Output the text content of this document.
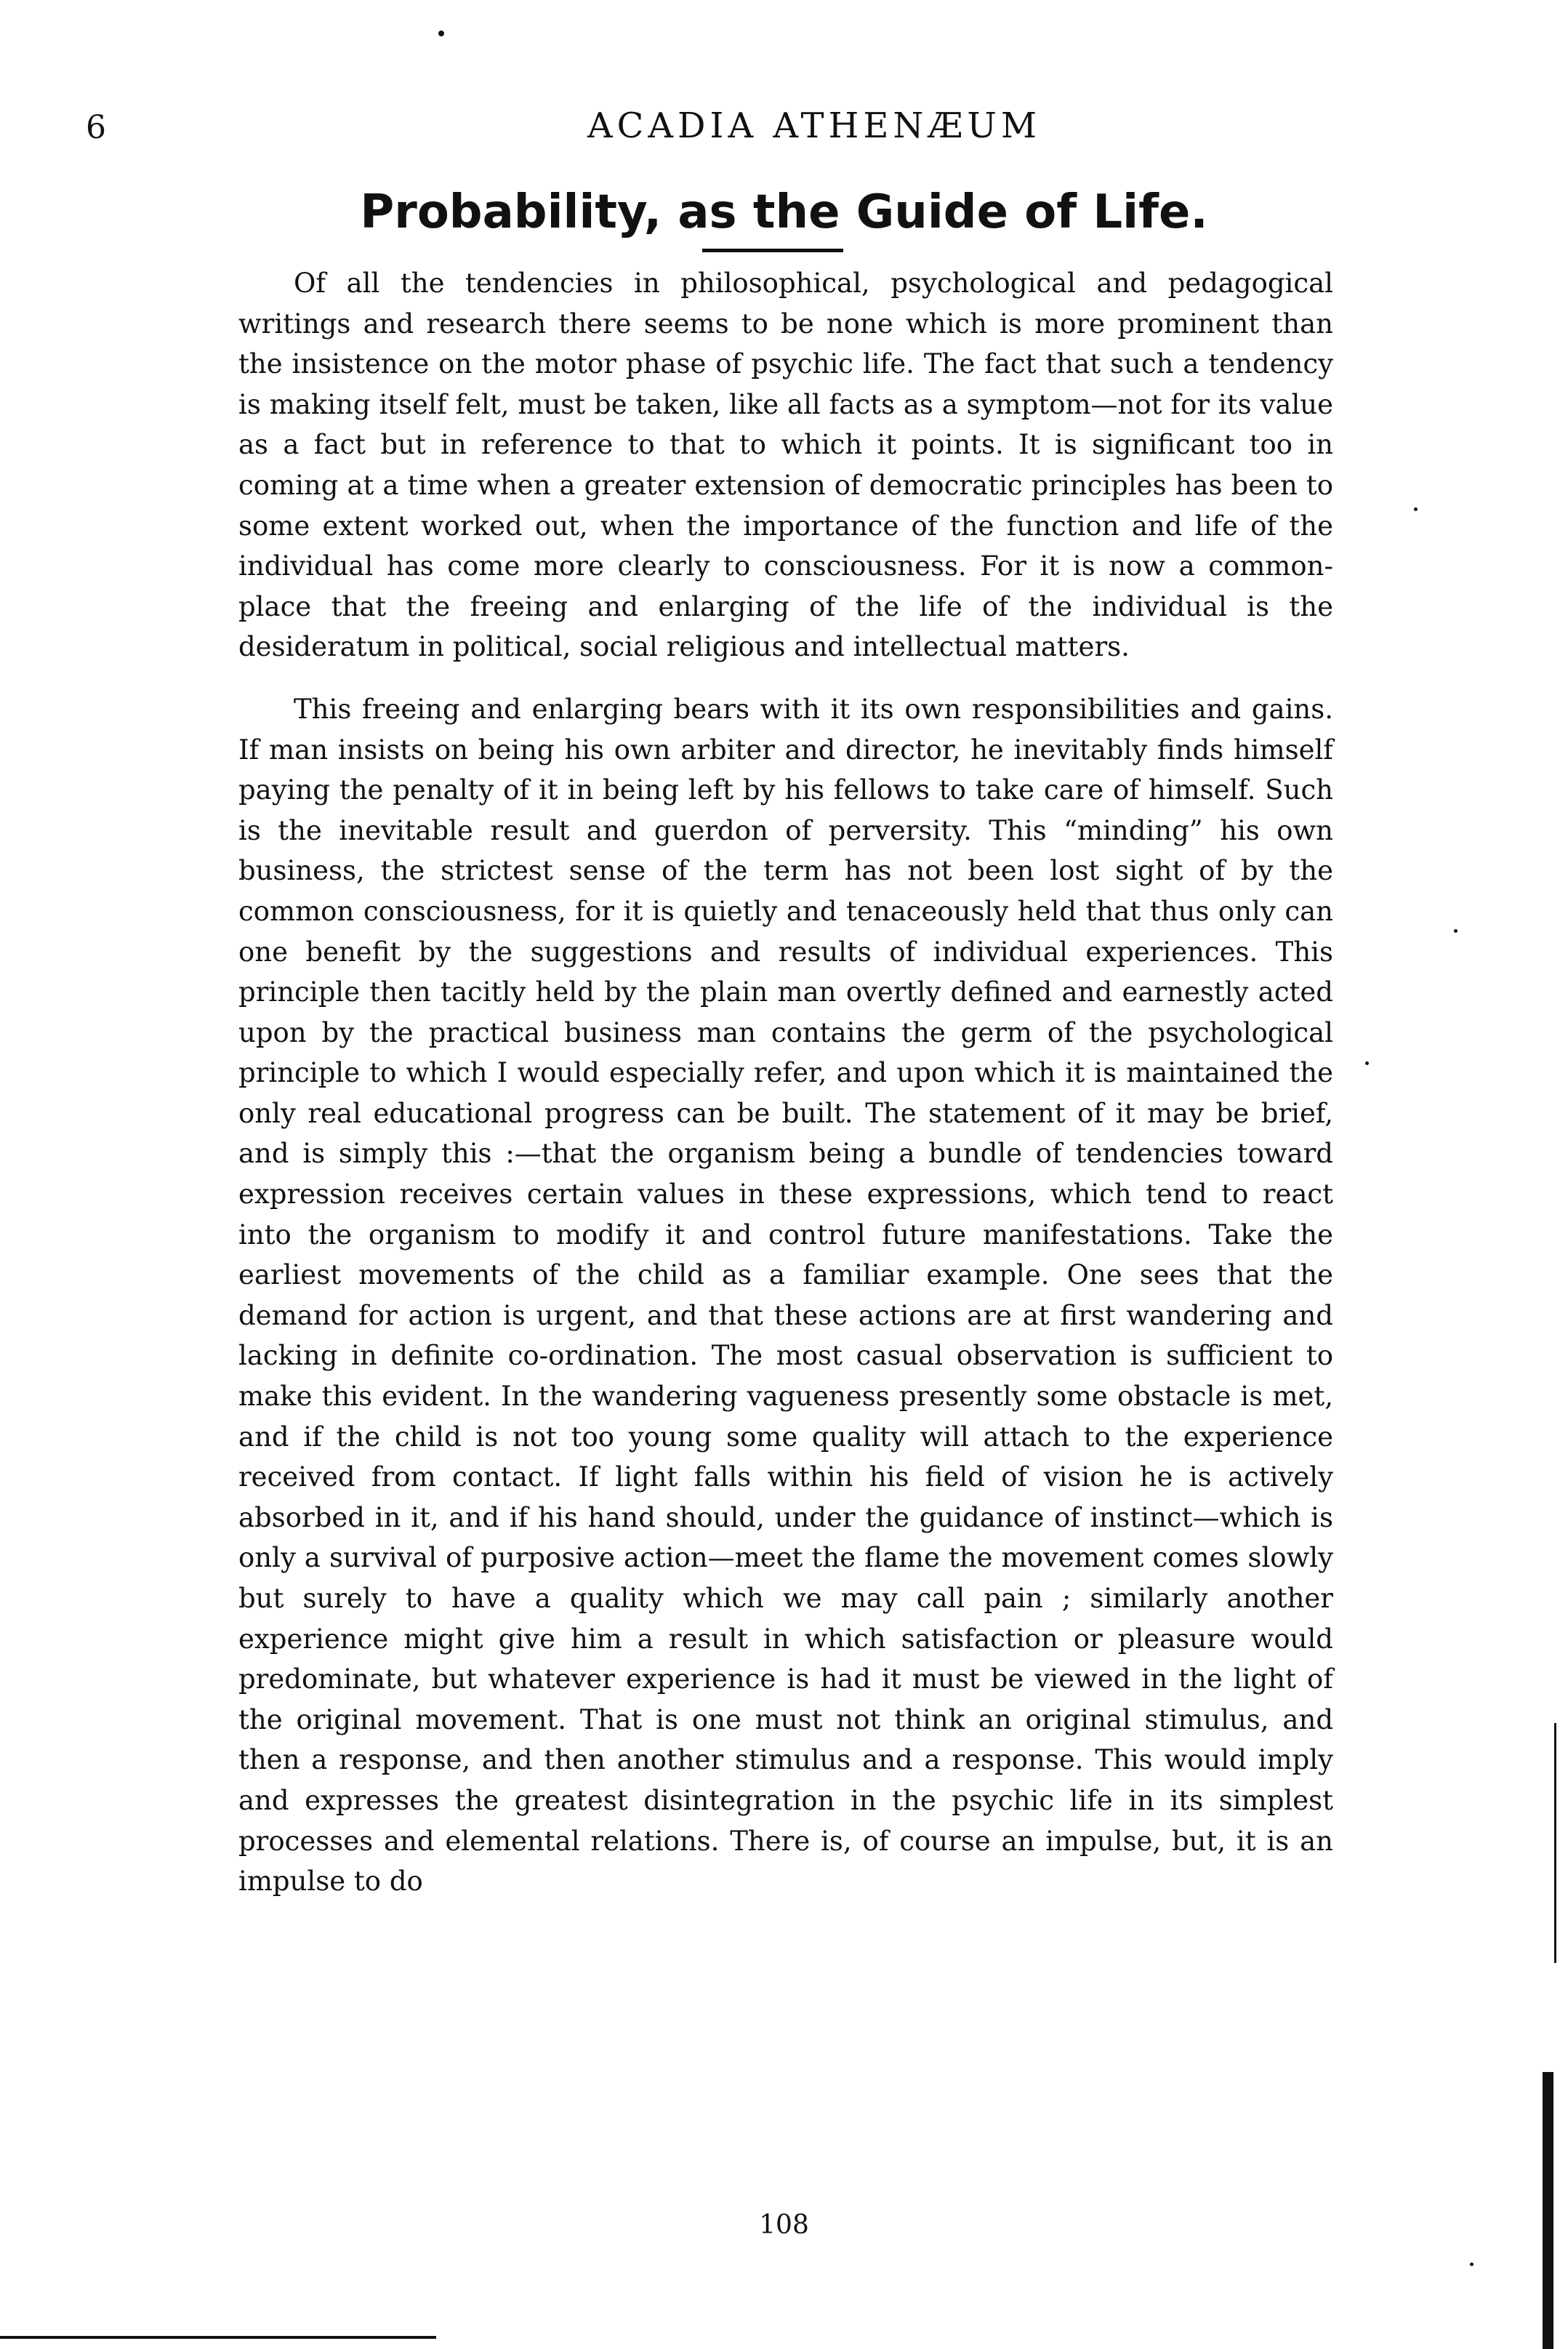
6	ACADIA ATHENÆUM
Probability, as the Guide of Life.

Of all the tendencies in philosophical, psychological and pedagogical writings and research there seems to be none which is more prominent than the insistence on the motor phase of psychic life. The fact that such a tendency is making itself felt, must be taken, like all facts as a symptom—not for its value as a fact but in reference to that to which it points. It is significant too in coming at a time when a greater extension of democratic principles has been to some extent worked out, when the importance of the function and life of the individual has come more clearly to consciousness. For it is now a common-place that the freeing and enlarging of the life of the individual is the desideratum in political, social religious and intellectual matters.

This freeing and enlarging bears with it its own responsibilities and gains. If man insists on being his own arbiter and director, he inevitably finds himself paying the penalty of it in being left by his fellows to take care of himself. Such is the inevitable result and guerdon of perversity. This “minding” his own business, the strictest sense of the term has not been lost sight of by the common consciousness, for it is quietly and tenaceously held that thus only can one benefit by the suggestions and results of individual experiences. This principle then tacitly held by the plain man overtly defined and earnestly acted upon by the practical business man contains the germ of the psychological principle to which I would especially refer, and upon which it is maintained the only real educational progress can be built. The statement of it may be brief, and is simply this :—that the organism being a bundle of tendencies toward expression receives certain values in these expressions, which tend to react into the organism to modify it and control future manifestations. Take the earliest movements of the child as a familiar example. One sees that the demand for action is urgent, and that these actions are at first wandering and lacking in definite co-ordination. The most casual observation is sufficient to make this evident. In the wandering vagueness presently some obstacle is met, and if the child is not too young some quality will attach to the experience received from contact. If light falls within his field of vision he is actively absorbed in it, and if his hand should, under the guidance of instinct—which is only a survival of purposive action—meet the flame the movement comes slowly but surely to have a quality which we may call pain ; similarly another experience might give him a result in which satisfaction or pleasure would predominate, but whatever experience is had it must be viewed in the light of the original movement. That is one must not think an original stimulus, and then a response, and then another stimulus and a response. This would imply and expresses the greatest disintegration in the psychic life in its simplest processes and elemental relations. There is, of course an impulse, but, it is an impulse to do

108
